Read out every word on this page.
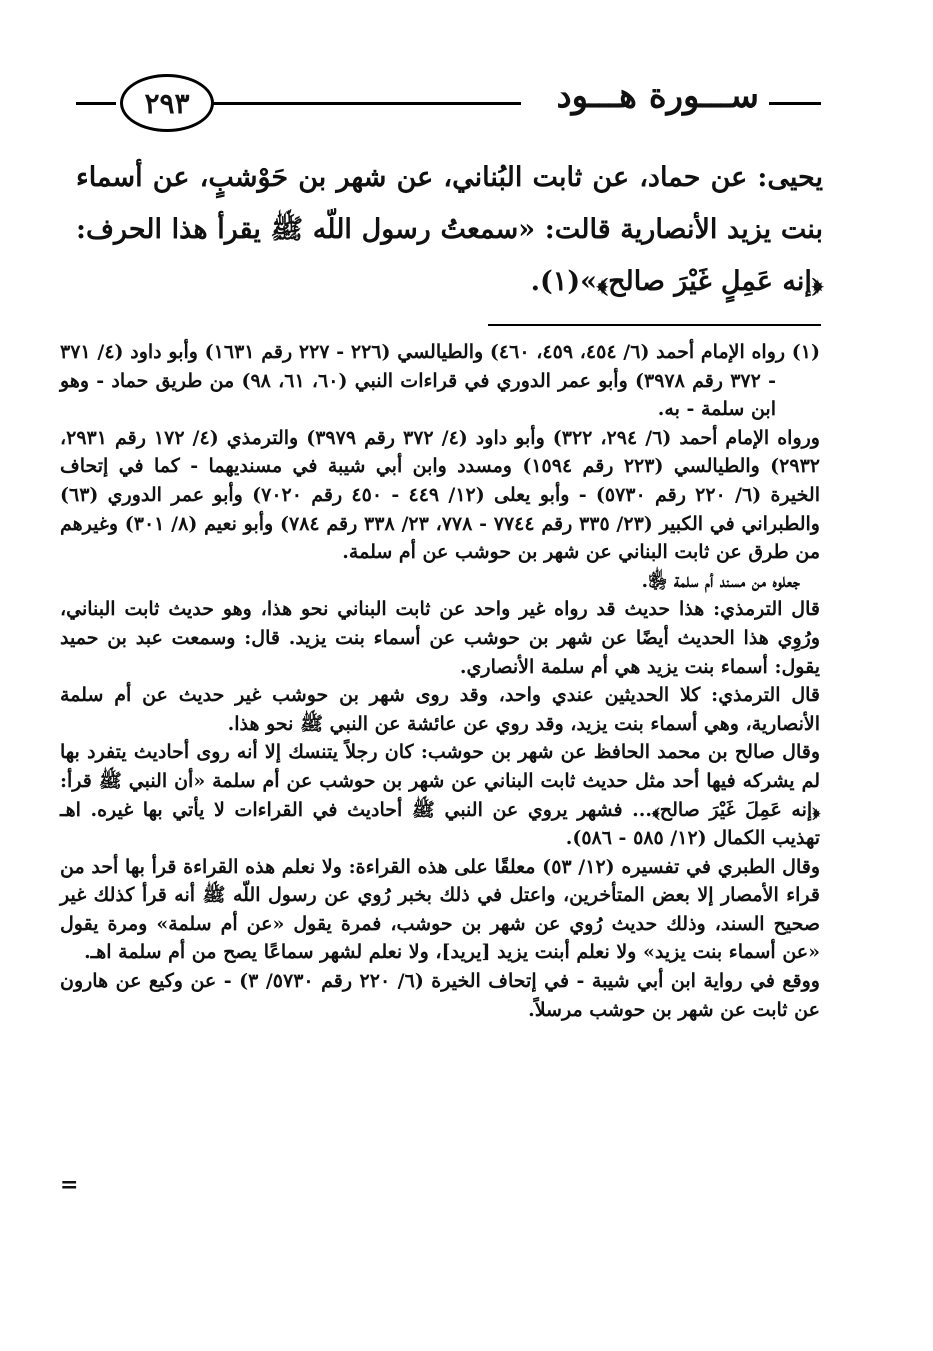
ســـورة هـــود
٢٩٣
يحيى: عن حماد، عن ثابت البُناني، عن شهر بن حَوْشبٍ، عن أسماء بنت يزيد الأنصارية قالت: «سمعتُ رسول اللّه ﷺ يقرأ هذا الحرف: ﴿إنه عَمِلٍ غَيْرَ صالح﴾»(١).

(١) رواه الإمام أحمد (٦/ ٤٥٤، ٤٥٩، ٤٦٠) والطيالسي (٢٢٦ - ٢٢٧ رقم ١٦٣١) وأبو داود (٤/ ٣٧١ - ٣٧٢ رقم ٣٩٧٨) وأبو عمر الدوري في قراءات النبي (٦٠، ٦١، ٩٨) من طريق حماد - وهو ابن سلمة - به.

ورواه الإمام أحمد (٦/ ٢٩٤، ٣٢٢) وأبو داود (٤/ ٣٧٢ رقم ٣٩٧٩) والترمذي (٤/ ١٧٢ رقم ٢٩٣١، ٢٩٣٢) والطيالسي (٢٢٣ رقم ١٥٩٤) ومسدد وابن أبي شيبة في مسنديهما - كما في إتحاف الخيرة (٦/ ٢٢٠ رقم ٥٧٣٠) - وأبو يعلى (١٢/ ٤٤٩ - ٤٥٠ رقم ٧٠٢٠) وأبو عمر الدوري (٦٣) والطبراني في الكبير (٢٣/ ٣٣٥ رقم ٧٧٤٤ - ٧٧٨، ٢٣/ ٣٣٨ رقم ٧٨٤) وأبو نعيم (٨/ ٣٠١) وغيرهم من طرق عن ثابت البناني عن شهر بن حوشب عن أم سلمة.

جعلوه من مسند أم سلمة ﵂.

قال الترمذي: هذا حديث قد رواه غير واحد عن ثابت البناني نحو هذا، وهو حديث ثابت البناني، ورُوِي هذا الحديث أيضًا عن شهر بن حوشب عن أسماء بنت يزيد. قال: وسمعت عبد بن حميد يقول: أسماء بنت يزيد هي أم سلمة الأنصاري.

قال الترمذي: كلا الحديثين عندي واحد، وقد روى شهر بن حوشب غير حديث عن أم سلمة الأنصارية، وهي أسماء بنت يزيد، وقد روي عن عائشة عن النبي ﷺ نحو هذا.

وقال صالح بن محمد الحافظ عن شهر بن حوشب: كان رجلاً يتنسك إلا أنه روى أحاديث يتفرد بها لم يشركه فيها أحد مثل حديث ثابت البناني عن شهر بن حوشب عن أم سلمة «أن النبي ﷺ قرأ: ﴿إنه عَمِلَ غَيْرَ صالح﴾... فشهر يروي عن النبي ﷺ أحاديث في القراءات لا يأتي بها غيره. اهـ تهذيب الكمال (١٢/ ٥٨٥ - ٥٨٦).

وقال الطبري في تفسيره (١٢/ ٥٣) معلقًا على هذه القراءة: ولا نعلم هذه القراءة قرأ بها أحد من قراء الأمصار إلا بعض المتأخرين، واعتل في ذلك بخبر رُوي عن رسول اللّه ﷺ أنه قرأ كذلك غير صحيح السند، وذلك حديث رُوي عن شهر بن حوشب، فمرة يقول «عن أم سلمة» ومرة يقول «عن أسماء بنت يزيد» ولا نعلم أبنت يزيد [يريد]، ولا نعلم لشهر سماعًا يصح من أم سلمة اهـ.

ووقع في رواية ابن أبي شيبة - في إتحاف الخيرة (٦/ ٢٢٠ رقم ٥٧٣٠/ ٣) - عن وكيع عن هارون عن ثابت عن شهر بن حوشب مرسلاً.

=
